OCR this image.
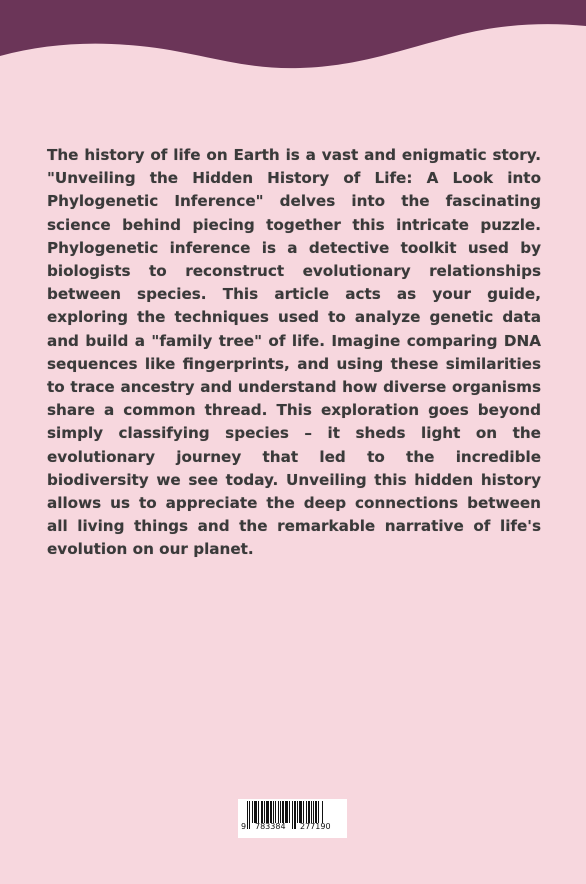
The history of life on Earth is a vast and enigmatic story. "Unveiling the Hidden History of Life: A Look into Phylogenetic Inference" delves into the fascinating science behind piecing together this intricate puzzle. Phylogenetic inference is a detective toolkit used by biologists to reconstruct evolutionary relationships between species. This article acts as your guide, exploring the techniques used to analyze genetic data and build a "family tree" of life. Imagine comparing DNA sequences like fingerprints, and using these similarities to trace ancestry and understand how diverse organisms share a common thread. This exploration goes beyond simply classifying species – it sheds light on the evolutionary journey that led to the incredible biodiversity we see today. Unveiling this hidden history allows us to appreciate the deep connections between all living things and the remarkable narrative of life's evolution on our planet.

9 783384 277190
